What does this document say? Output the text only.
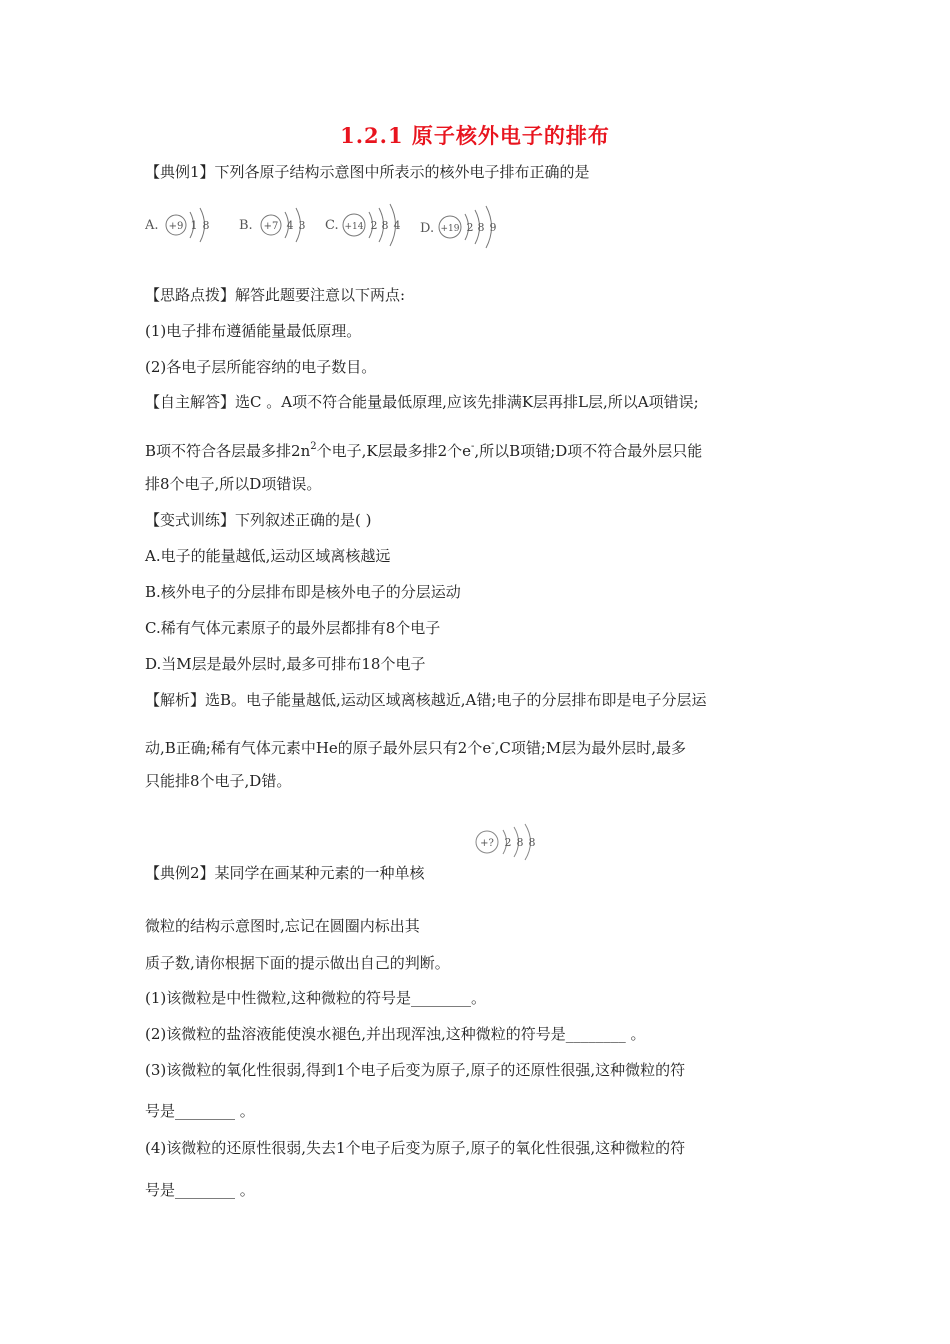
1.2.1 原子核外电子的排布
【典例1】下列各原子结构示意图中所表示的核外电子排布正确的是
A. +9 1 8 B. +7 4 3 C. +14 2 8 4 D. +19 2 8 9
【思路点拨】解答此题要注意以下两点:
(1)电子排布遵循能量最低原理。
(2)各电子层所能容纳的电子数目。
【自主解答】选C 。A项不符合能量最低原理,应该先排满K层再排L层,所以A项错误;
B项不符合各层最多排$2n^2$个电子,K层最多排2个e-,所以B项错;D项不符合最外层只能
排8个电子,所以D项错误。
【变式训练】下列叙述正确的是( )
A.电子的能量越低,运动区域离核越远
B.核外电子的分层排布即是核外电子的分层运动
C.稀有气体元素原子的最外层都排有8个电子
D.当M层是最外层时,最多可排布18个电子
【解析】选B。电子能量越低,运动区域离核越近,A错;电子的分层排布即是电子分层运
动,B正确;稀有气体元素中He的原子最外层只有2个e-,C项错;M层为最外层时,最多
只能排8个电子,D错。
+? 2 8 8
【典例2】某同学在画某种元素的一种单核
微粒的结构示意图时,忘记在圆圈内标出其
质子数,请你根据下面的提示做出自己的判断。
(1)该微粒是中性微粒,这种微粒的符号是________。
(2)该微粒的盐溶液能使溴水褪色,并出现浑浊,这种微粒的符号是________ 。
(3)该微粒的氧化性很弱,得到1个电子后变为原子,原子的还原性很强,这种微粒的符
号是________ 。
(4)该微粒的还原性很弱,失去1个电子后变为原子,原子的氧化性很强,这种微粒的符
号是________ 。
